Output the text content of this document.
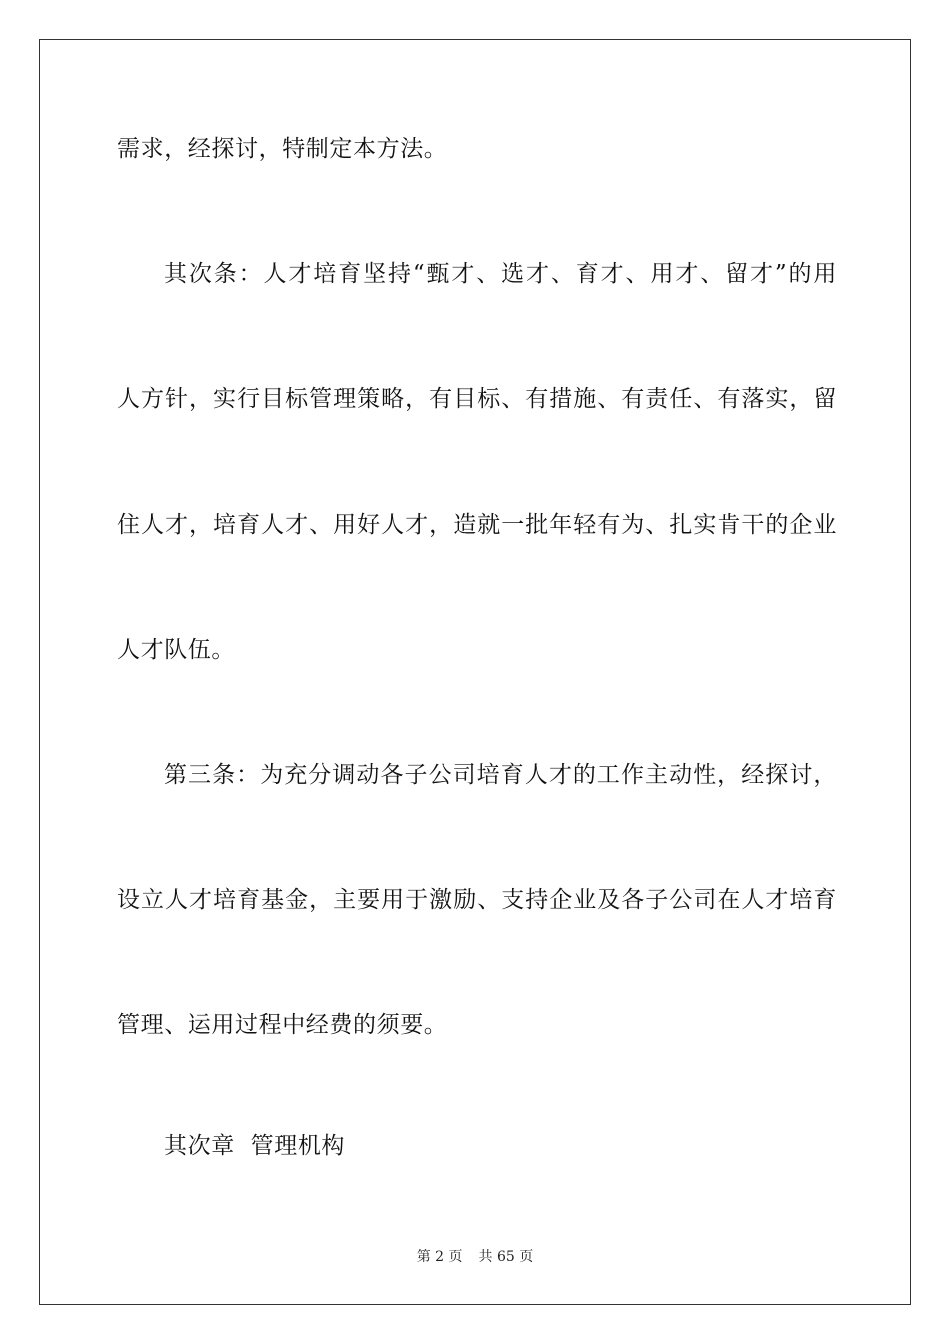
需求，经探讨，特制定本方法。
其次条：人才培育坚持“甄才、选才、育才、用才、留才”的用
人方针，实行目标管理策略，有目标、有措施、有责任、有落实，留
住人才，培育人才、用好人才，造就一批年轻有为、扎实肯干的企业
人才队伍。
第三条：为充分调动各子公司培育人才的工作主动性，经探讨，
设立人才培育基金，主要用于激励、支持企业及各子公司在人才培育
管理、运用过程中经费的须要。
其次章  管理机构
第 2 页 共 65 页
